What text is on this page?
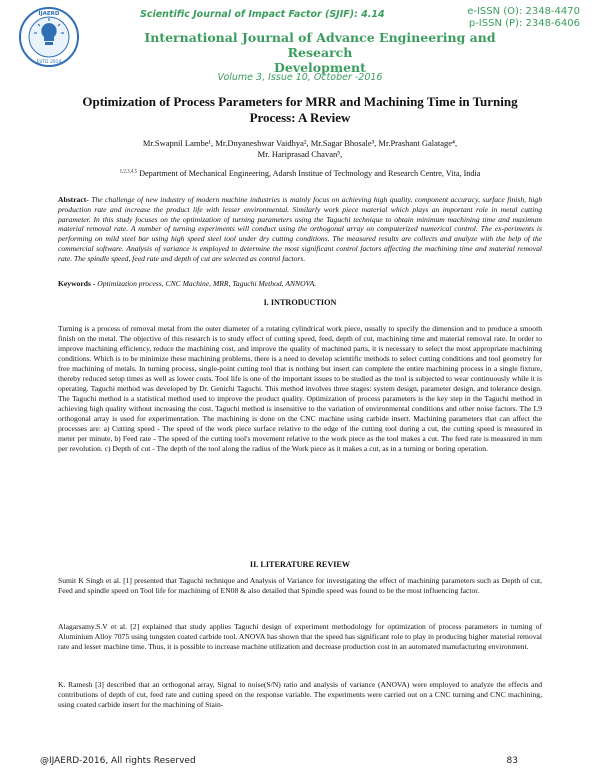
IJAERD
ESTD 2014
Scientific Journal of Impact Factor (SJIF): 4.14	e-ISSN (O): 2348-4470
p-ISSN (P): 2348-6406
International Journal of Advance Engineering and Research
Development
Volume 3, Issue 10, October -2016
Optimization of Process Parameters for MRR and Machining Time in Turning
Process: A Review
Mr.Swapnil Lambe¹, Mr.Dnyaneshwar Vaidhya², Mr.Sagar Bhosale³, Mr.Prashant Galatage⁴,
Mr. Hariprasad Chavan⁵,
$^{1,2,3,4,5}$ Department of Mechanical Engineering, Adarsh Institue of Technology and Research Centre, Vita, India
Abstract- The challenge of new industry of modern machine industries is mainly focus on achieving high quality, component accuracy, surface finish, high production rate and increase the product life with lesser environmental. Similarly work piece material which plays an important role in metal cutting parameter. In this study focuses on the optimization of turning parameters using the Taguchi technique to obtain minimum machining time and maximum material removal rate. A number of turning experiments will conduct using the orthogonal array on computerized numerical control. The ex-periments is performing on mild steel bar using high speed steel tool under dry cutting conditions. The measured results are collects and analyze with the help of the commercial software. Analysis of variance is employed to determine the most significant control factors affecting the machining time and material removal rate. The spindle speed, feed rate and depth of cut are selected as control factors.
Keywords - Optimization process, CNC Machine, MRR, Taguchi Method, ANNOVA.
I. INTRODUCTION
Turning is a process of removal metal from the outer diameter of a rotating cylindrical work piece, usually to specify the dimension and to produce a smooth finish on the metal. The objective of this research is to study effect of cutting speed, feed, depth of cut, machining time and material removal rate. In order to improve machining efficiency, reduce the machining cost, and improve the quality of machined parts, it is necessary to select the most appropriate machining conditions. Which is to be minimize these machining problems, there is a need to develop scientific methods to select cutting conditions and tool geometry for free machining of metals. In turning process, single-point cutting tool that is nothing but insert can complete the entire machining process in a single fixture, thereby reduced setup times as well as lower costs. Tool life is one of the important issues to be studied as the tool is subjected to wear continuously while it is operating. Taguchi method was developed by Dr. Genichi Taguchi. This method involves three stages: system design, parameter design, and tolerance design. The Taguchi method is a statistical method used to improve the product quality. Optimization of process parameters is the key step in the Taguchi method in achieving high quality without increasing the cost. Taguchi method is insensitive to the variation of environmental conditions and other noise factors. The L9 orthogonal array is used for experimentation. The machining is done on the CNC machine using carbide insert. Machining parameters that can affect the processes are: a) Cutting speed - The speed of the work piece surface relative to the edge of the cutting tool during a cut, the cutting speed is measured in meter per minute, b) Feed rate - The speed of the cutting tool's movement relative to the work piece as the tool makes a cut. The feed rate is measured in mm per revolution. c) Depth of cut - The depth of the tool along the radius of the Work piece as it makes a cut, as in a turning or boring operation.
II. LITERATURE REVIEW
Sumit K Singh et al. [1] presented that Taguchi technique and Analysis of Variance for investigating the effect of machining parameters such as Depth of cut, Feed and spindle speed on Tool life for machining of EN08 & also detailed that Spindle speed was found to be the most influencing factor.
Alagarsamy.S.V et al. [2] explained that study applies Taguchi design of experiment methodology for optimization of process parameters in turning of Aluminium Alloy 7075 using tungsten coated carbide tool. ANOVA has shown that the speed has significant role to play in producing higher material removal rate and lesser machine time. Thus, it is possible to increase machine utilization and decrease production cost in an automated manufacturing environment.
K. Ramesh [3] described that an orthogonal array, Signal to noise(S/N) ratio and analysis of variance (ANOVA) were employed to analyze the effects and contributions of depth of cut, feed rate and cutting speed on the response variable. The experiments were carried out on a CNC turning and CNC machining, using coated carbide insert for the machining of Stain-
@IJAERD-2016, All rights Reserved	83
